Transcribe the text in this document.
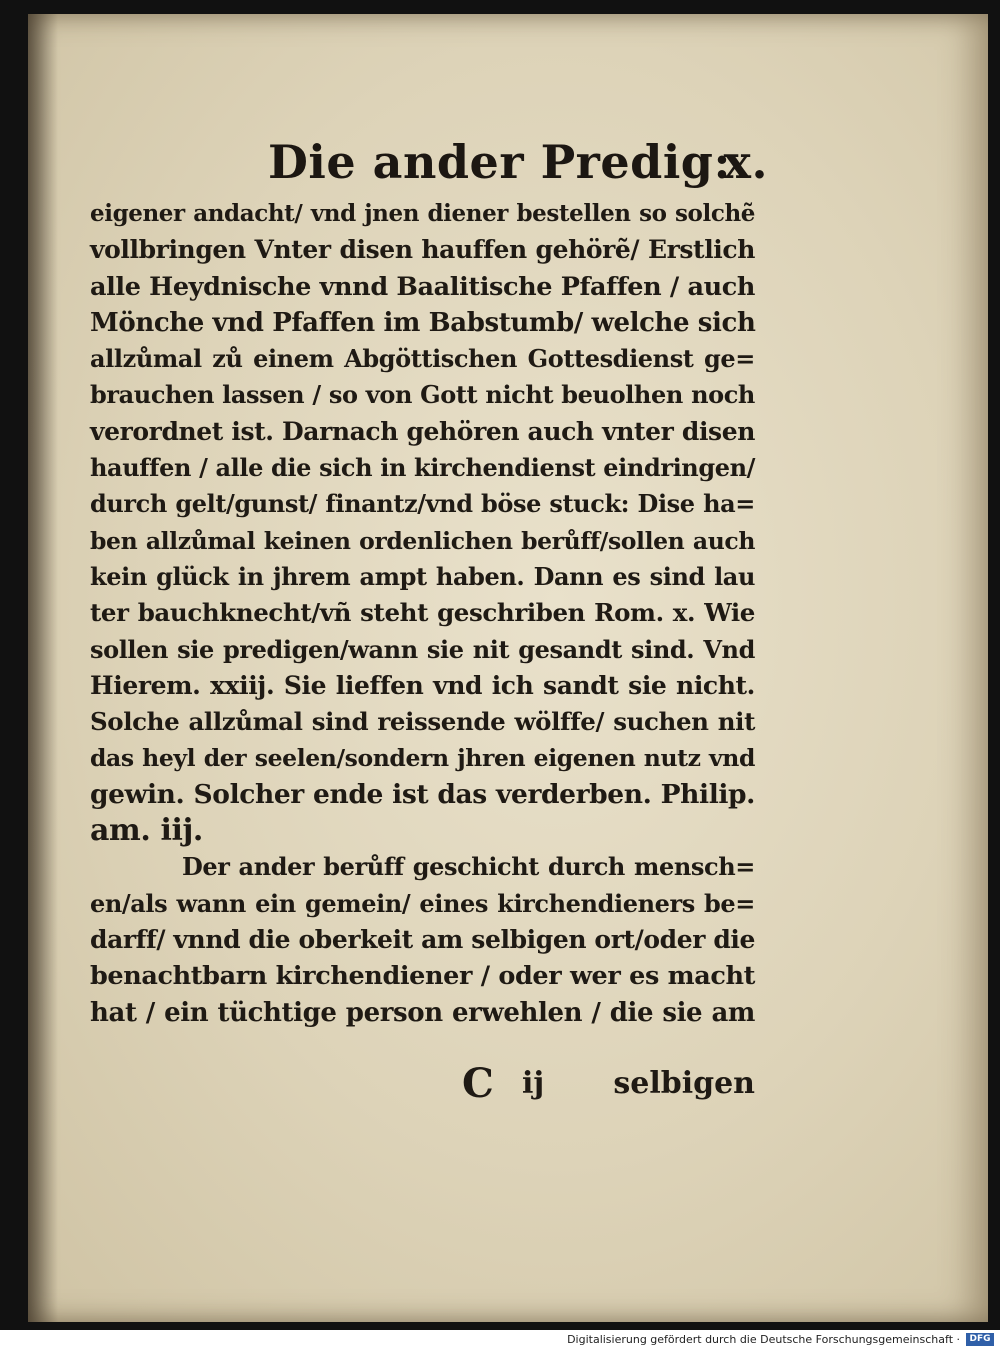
Die ander Predig:
x.
eigener andacht/ vnd jnen diener bestellen so solchẽ
vollbringen Vnter disen hauffen gehörẽ/ Erstlich
alle Heydnische vnnd Baalitische Pfaffen / auch
Mönche vnd Pfaffen im Babstumb/ welche sich
allzůmal zů einem Abgöttischen Gottesdienst ge=
brauchen lassen / so von Gott nicht beuolhen noch
verordnet ist. Darnach gehören auch vnter disen
hauffen / alle die sich in kirchendienst eindringen/
durch gelt/gunst/ finantz/vnd böse stuck: Dise ha=
ben allzůmal keinen ordenlichen berůff/sollen auch
kein glück in jhrem ampt haben. Dann es sind lau
ter bauchknecht/vñ steht geschriben Rom. x. Wie
sollen sie predigen/wann sie nit gesandt sind. Vnd
Hierem. xxiij. Sie lieffen vnd ich sandt sie nicht.
Solche allzůmal sind reissende wölffe/ suchen nit
das heyl der seelen/sondern jhren eigenen nutz vnd
gewin. Solcher ende ist das verderben. Philip.
am. iij.
Der ander berůff geschicht durch mensch=
en/als wann ein gemein/ eines kirchendieners be=
darff/ vnnd die oberkeit am selbigen ort/oder die
benachtbarn kirchendiener / oder wer es macht
hat / ein tüchtige person erwehlen / die sie am
C ij selbigen
Digitalisierung gefördert durch die Deutsche Forschungsgemeinschaft ·	DFG
